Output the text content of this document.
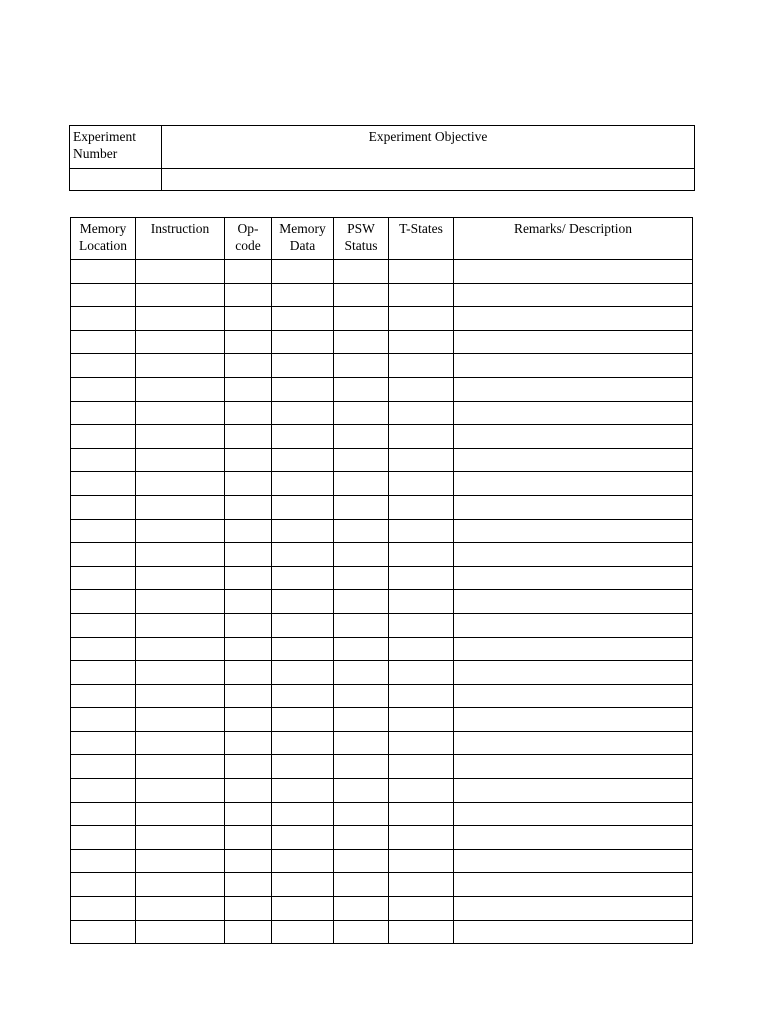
Experiment Number	Experiment Objective

Memory Location	Instruction	Op- code	Memory Data	PSW Status	T-States	Remarks/ Description
